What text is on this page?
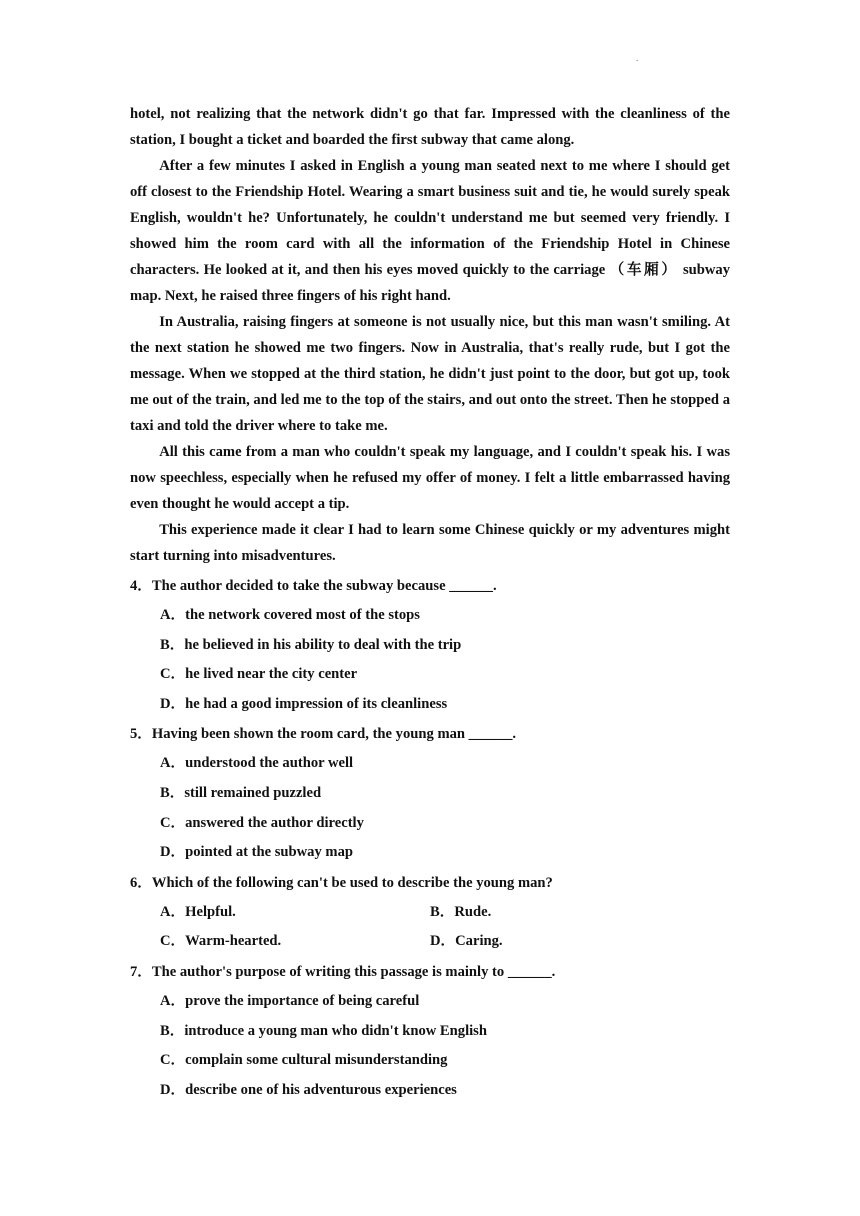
.

hotel, not realizing that the network didn't go that far. Impressed with the cleanliness of the station, I bought a ticket and boarded the first subway that came along.

After a few minutes I asked in English a young man seated next to me where I should get off closest to the Friendship Hotel. Wearing a smart business suit and tie, he would surely speak English, wouldn't he? Unfortunately, he couldn't understand me but seemed very friendly. I showed him the room card with all the information of the Friendship Hotel in Chinese characters. He looked at it, and then his eyes moved quickly to the carriage （车厢） subway map. Next, he raised three fingers of his right hand.

In Australia, raising fingers at someone is not usually nice, but this man wasn't smiling. At the next station he showed me two fingers. Now in Australia, that's really rude, but I got the message. When we stopped at the third station, he didn't just point to the door, but got up, took me out of the train, and led me to the top of the stairs, and out onto the street. Then he stopped a taxi and told the driver where to take me.

All this came from a man who couldn't speak my language, and I couldn't speak his. I was now speechless, especially when he refused my offer of money. I felt a little embarrassed having even thought he would accept a tip.

This experience made it clear I had to learn some Chinese quickly or my adventures might start turning into misadventures.

4．The author decided to take the subway because ______.

A．the network covered most of the stops
B．he believed in his ability to deal with the trip
C．he lived near the city center
D．he had a good impression of its cleanliness

5．Having been shown the room card, the young man ______.

A．understood the author well
B．still remained puzzled
C．answered the author directly
D．pointed at the subway map

6．Which of the following can't be used to describe the young man?

A．Helpful.	B．Rude.
C．Warm-hearted.	D．Caring.

7．The author's purpose of writing this passage is mainly to ______.

A．prove the importance of being careful
B．introduce a young man who didn't know English
C．complain some cultural misunderstanding
D．describe one of his adventurous experiences
